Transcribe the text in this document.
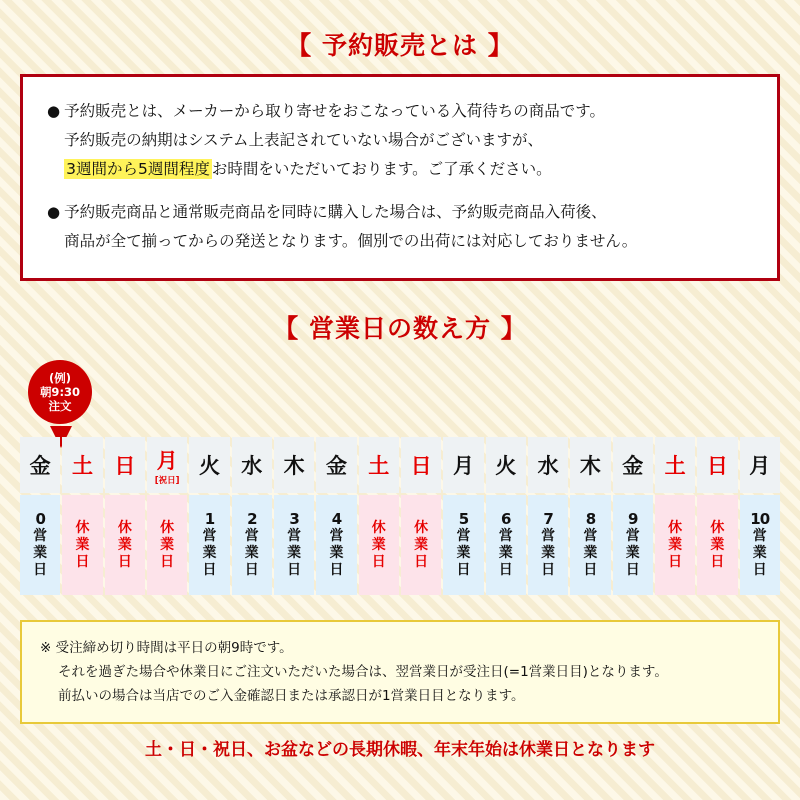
【 予約販売とは 】
● 予約販売とは、メーカーから取り寄せをおこなっている入荷待ちの商品です。
予約販売の納期はシステム上表記されていない場合がございますが、
3週間から5週間程度 お時間をいただいております。ご了承ください。
● 予約販売商品と通常販売商品を同時に購入した場合は、予約販売商品入荷後、
商品が全て揃ってからの発送となります。個別での出荷には対応しておりません。
【 営業日の数え方 】
(例)
朝9:30
注文
金
0
営
業
日
土
休
業
日
日
休
業
日
月
[祝日]
休
業
日
火
1
営
業
日
水
2
営
業
日
木
3
営
業
日
金
4
営
業
日
土
休
業
日
日
休
業
日
月
5
営
業
日
火
6
営
業
日
水
7
営
業
日
木
8
営
業
日
金
9
営
業
日
土
休
業
日
日
休
業
日
月
10
営
業
日
※ 受注締め切り時間は平日の朝9時です。
それを過ぎた場合や休業日にご注文いただいた場合は、翌営業日が受注日(=1営業日目)となります。
前払いの場合は当店でのご入金確認日または承認日が1営業日目となります。
土・日・祝日、お盆などの長期休暇、年末年始は休業日となります
